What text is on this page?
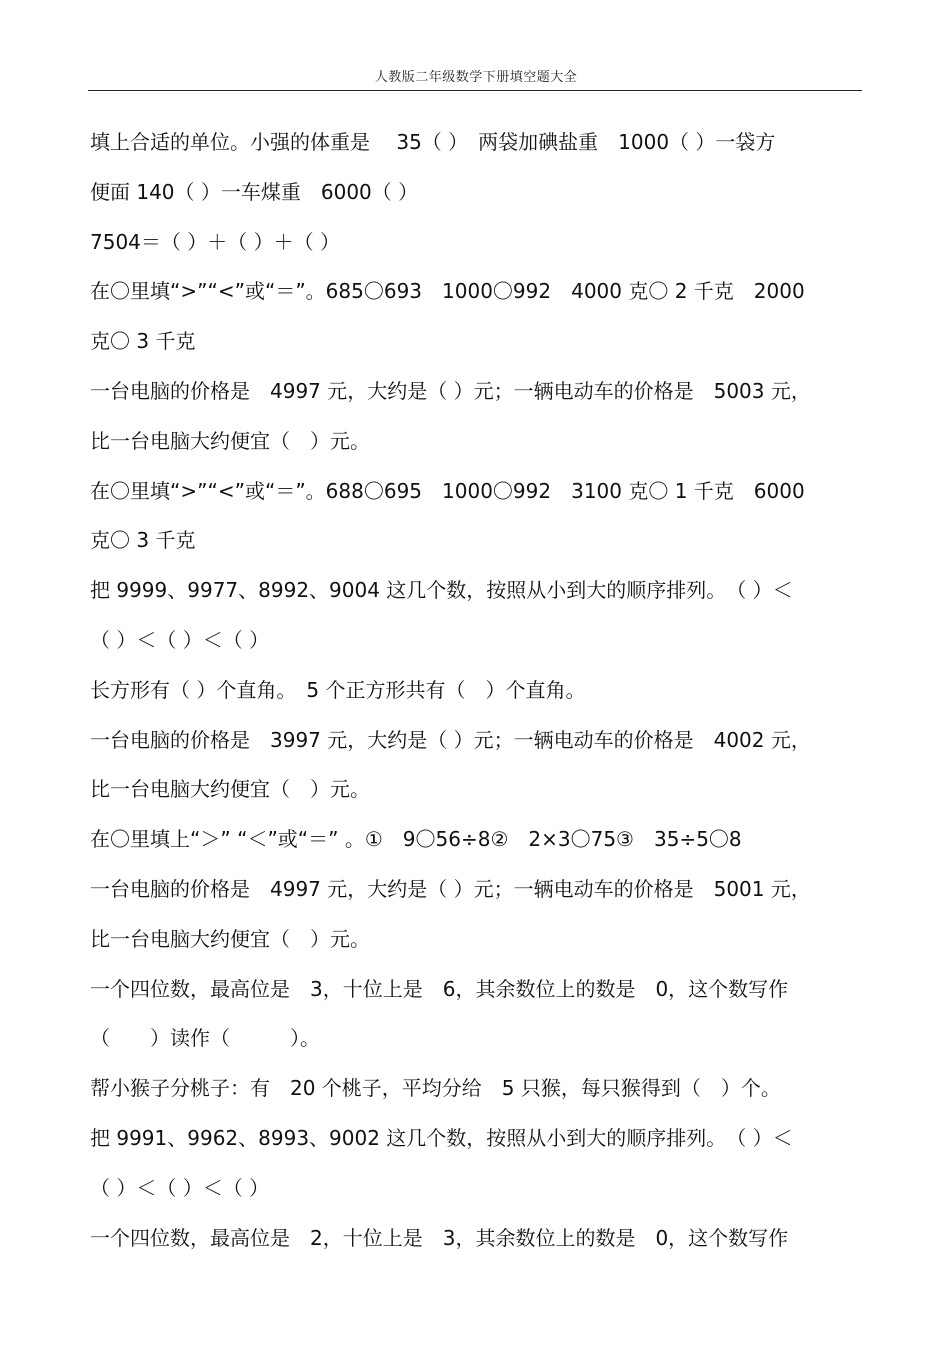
人教版二年级数学下册填空题大全
填上合适的单位。小强的体重是　 35（ ）　两袋加碘盐重　1000（ ）一袋方
便面 140（ ）一车煤重　6000（ ）
7504＝（ ）＋（ ）＋（ ）
在〇里填“>”“<”或“＝”。685〇693　1000〇992　4000 克〇 2 千克　2000
克〇 3 千克
一台电脑的价格是　4997 元，大约是（ ）元；一辆电动车的价格是　5003 元，
比一台电脑大约便宜（　）元。
在〇里填“>”“<”或“＝”。688〇695　1000〇992　3100 克〇 1 千克　6000
克〇 3 千克
把 9999、9977、8992、9004 这几个数，按照从小到大的顺序排列。　（ ）＜
（ ）＜（ ）＜（ ）
长方形有（ ）个直角。　5 个正方形共有（　）个直角。
一台电脑的价格是　3997 元，大约是（ ）元；一辆电动车的价格是　4002 元，
比一台电脑大约便宜（　）元。
在〇里填上“＞” “＜”或“＝” 。①　9〇56÷8②　2×3〇75③　35÷5〇8
一台电脑的价格是　4997 元，大约是（ ）元；一辆电动车的价格是　5001 元，
比一台电脑大约便宜（　）元。
一个四位数，最高位是　3，十位上是　6，其余数位上的数是　0，这个数写作
（　　）读作（　　　）。
帮小猴子分桃子：有　20 个桃子，平均分给　5 只猴，每只猴得到（　）个。
把 9991、9962、8993、9002 这几个数，按照从小到大的顺序排列。　（ ）＜
（ ）＜（ ）＜（ ）
一个四位数，最高位是　2，十位上是　3，其余数位上的数是　0，这个数写作
